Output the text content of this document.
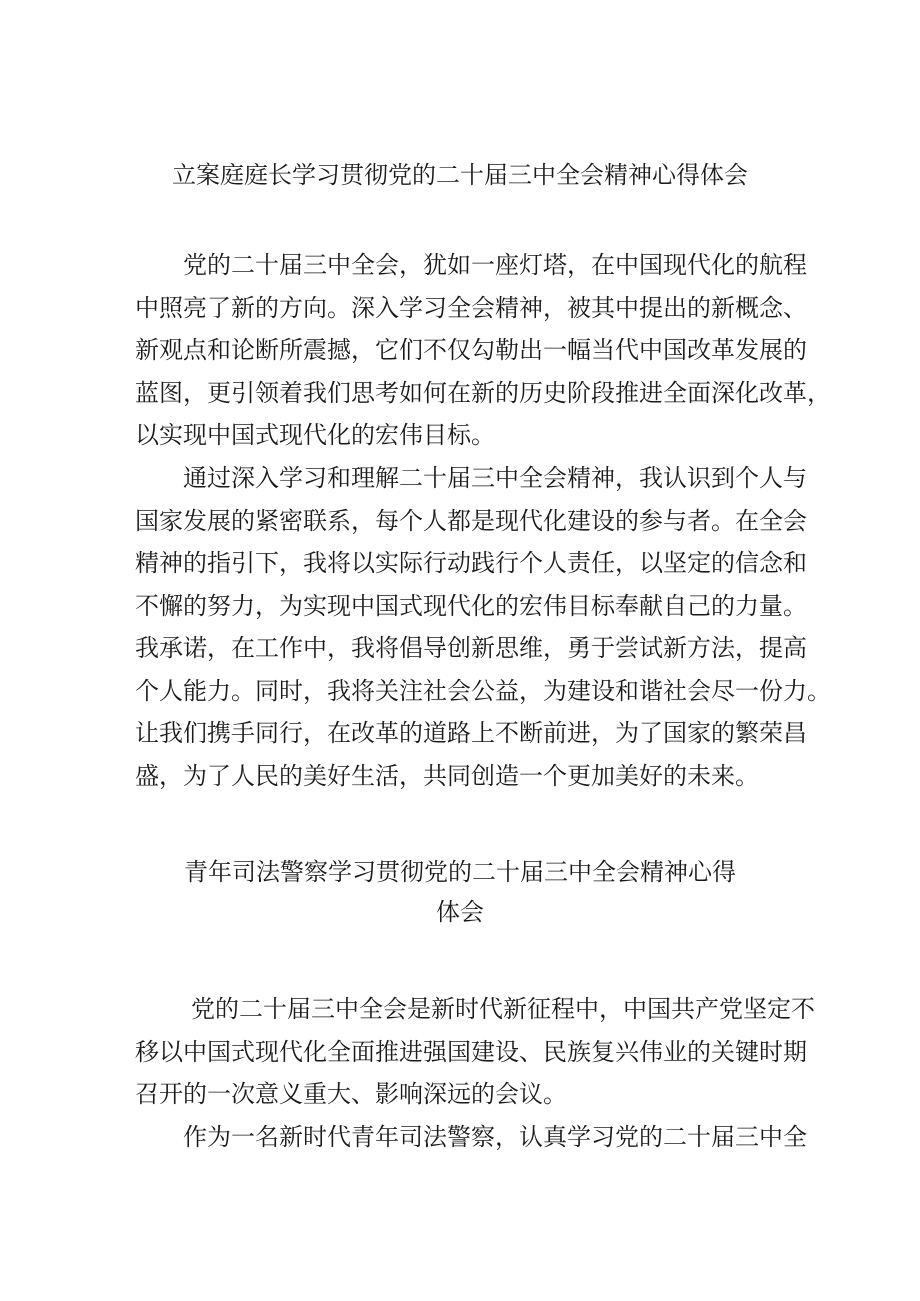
立案庭庭长学习贯彻党的二十届三中全会精神心得体会
党的二十届三中全会，犹如一座灯塔，在中国现代化的航程
中照亮了新的方向。深入学习全会精神，被其中提出的新概念、
新观点和论断所震撼，它们不仅勾勒出一幅当代中国改革发展的
蓝图，更引领着我们思考如何在新的历史阶段推进全面深化改革，
以实现中国式现代化的宏伟目标。
通过深入学习和理解二十届三中全会精神，我认识到个人与
国家发展的紧密联系，每个人都是现代化建设的参与者。在全会
精神的指引下，我将以实际行动践行个人责任，以坚定的信念和
不懈的努力，为实现中国式现代化的宏伟目标奉献自己的力量。
我承诺，在工作中，我将倡导创新思维，勇于尝试新方法，提高
个人能力。同时，我将关注社会公益，为建设和谐社会尽一份力。
让我们携手同行，在改革的道路上不断前进，为了国家的繁荣昌
盛，为了人民的美好生活，共同创造一个更加美好的未来。
青年司法警察学习贯彻党的二十届三中全会精神心得
体会
党的二十届三中全会是新时代新征程中，中国共产党坚定不
移以中国式现代化全面推进强国建设、民族复兴伟业的关键时期
召开的一次意义重大、影响深远的会议。
作为一名新时代青年司法警察，认真学习党的二十届三中全
